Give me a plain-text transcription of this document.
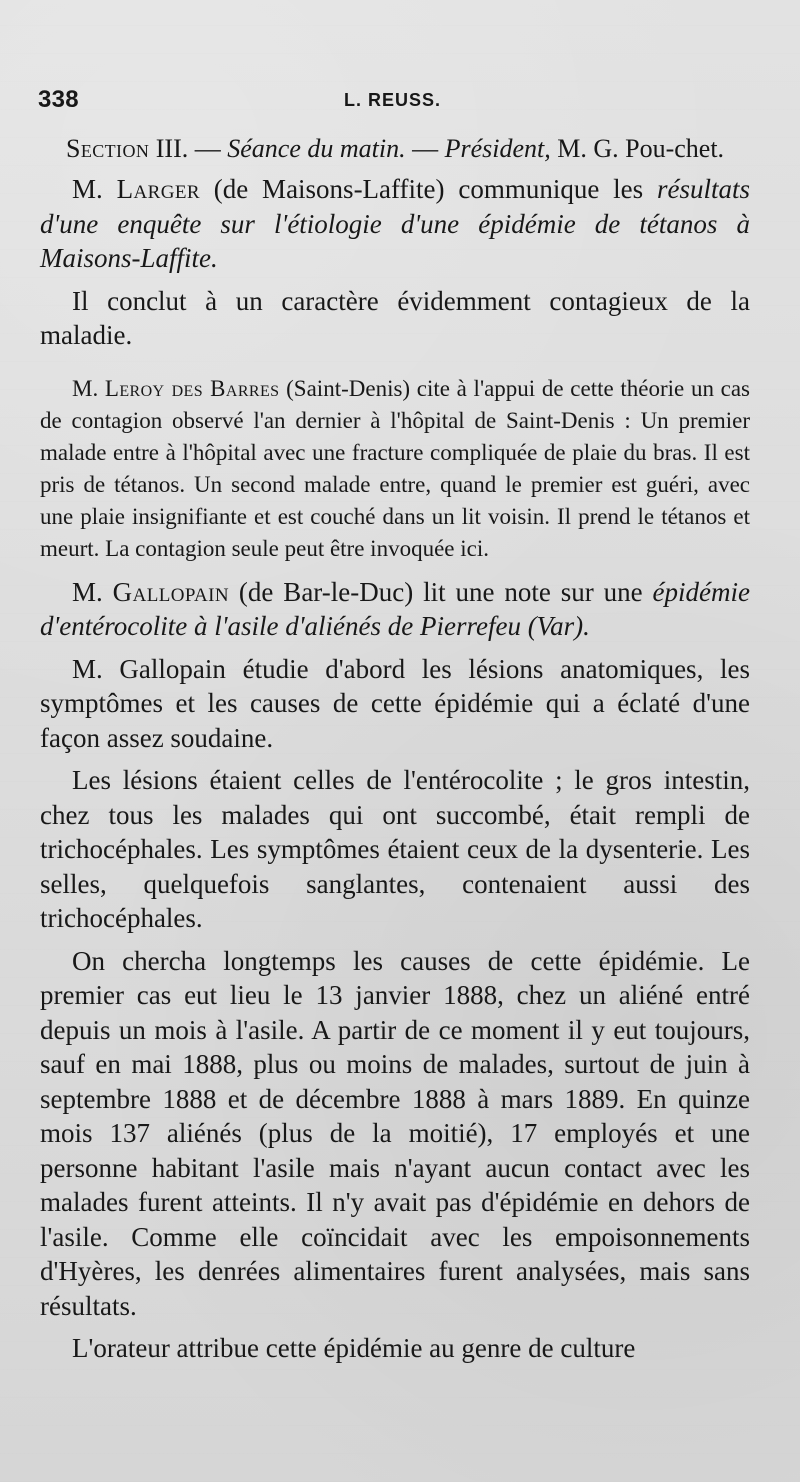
338	L. REUSS.
Section III. — Séance du matin. — Président, M. G. Pou-chet.
M. Larger (de Maisons-Laffite) communique les résultats d'une enquête sur l'étiologie d'une épidémie de tétanos à Maisons-Laffite.
Il conclut à un caractère évidemment contagieux de la maladie.
M. Leroy des Barres (Saint-Denis) cite à l'appui de cette théorie un cas de contagion observé l'an dernier à l'hôpital de Saint-Denis : Un premier malade entre à l'hôpital avec une fracture compliquée de plaie du bras. Il est pris de tétanos. Un second malade entre, quand le premier est guéri, avec une plaie insignifiante et est couché dans un lit voisin. Il prend le tétanos et meurt. La contagion seule peut être invoquée ici.
M. Gallopain (de Bar-le-Duc) lit une note sur une épidémie d'entérocolite à l'asile d'aliénés de Pierrefeu (Var).
M. Gallopain étudie d'abord les lésions anatomiques, les symptômes et les causes de cette épidémie qui a éclaté d'une façon assez soudaine.
Les lésions étaient celles de l'entérocolite ; le gros intestin, chez tous les malades qui ont succombé, était rempli de trichocéphales. Les symptômes étaient ceux de la dysenterie. Les selles, quelquefois sanglantes, contenaient aussi des trichocéphales.
On chercha longtemps les causes de cette épidémie. Le premier cas eut lieu le 13 janvier 1888, chez un aliéné entré depuis un mois à l'asile. A partir de ce moment il y eut toujours, sauf en mai 1888, plus ou moins de malades, surtout de juin à septembre 1888 et de décembre 1888 à mars 1889. En quinze mois 137 aliénés (plus de la moitié), 17 employés et une personne habitant l'asile mais n'ayant aucun contact avec les malades furent atteints. Il n'y avait pas d'épidémie en dehors de l'asile. Comme elle coïncidait avec les empoisonnements d'Hyères, les denrées alimentaires furent analysées, mais sans résultats.
L'orateur attribue cette épidémie au genre de culture
